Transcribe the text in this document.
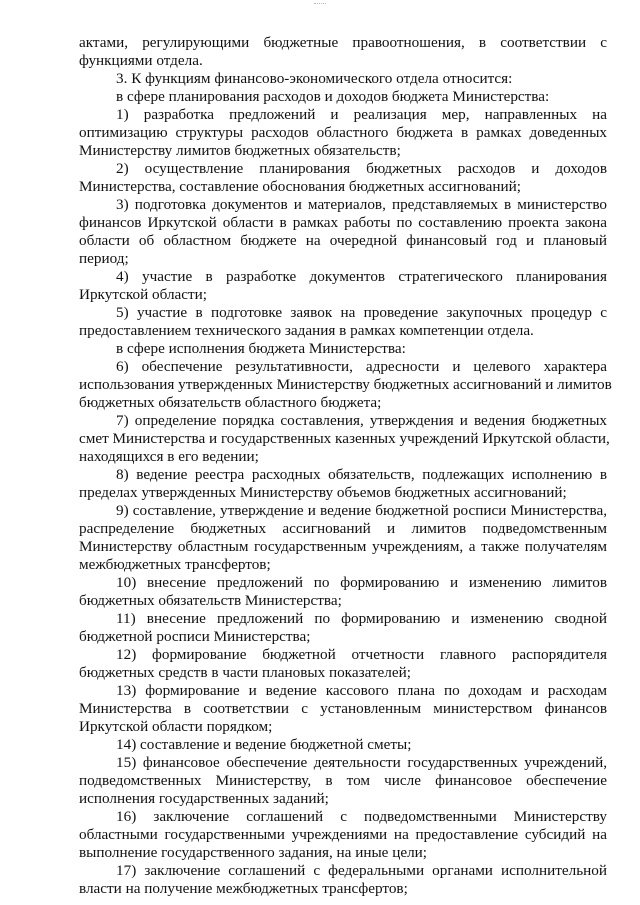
актами, регулирующими бюджетные правоотношения, в соответствии с
функциями отдела.
3. К функциям финансово-экономического отдела относится:
в сфере планирования расходов и доходов бюджета Министерства:
1) разработка предложений и реализация мер, направленных на
оптимизацию структуры расходов областного бюджета в рамках доведенных
Министерству лимитов бюджетных обязательств;
2) осуществление планирования бюджетных расходов и доходов
Министерства, составление обоснования бюджетных ассигнований;
3) подготовка документов и материалов, представляемых в министерство
финансов Иркутской области в рамках работы по составлению проекта закона
области об областном бюджете на очередной финансовый год и плановый
период;
4) участие в разработке документов стратегического планирования
Иркутской области;
5) участие в подготовке заявок на проведение закупочных процедур с
предоставлением технического задания в рамках компетенции отдела.
в сфере исполнения бюджета Министерства:
6) обеспечение результативности, адресности и целевого характера
использования утвержденных Министерству бюджетных ассигнований и лимитов
бюджетных обязательств областного бюджета;
7) определение порядка составления, утверждения и ведения бюджетных
смет Министерства и государственных казенных учреждений Иркутской области,
находящихся в его ведении;
8) ведение реестра расходных обязательств, подлежащих исполнению в
пределах утвержденных Министерству объемов бюджетных ассигнований;
9) составление, утверждение и ведение бюджетной росписи Министерства,
распределение бюджетных ассигнований и лимитов подведомственным
Министерству областным государственным учреждениям, а также получателям
межбюджетных трансфертов;
10) внесение предложений по формированию и изменению лимитов
бюджетных обязательств Министерства;
11) внесение предложений по формированию и изменению сводной
бюджетной росписи Министерства;
12) формирование бюджетной отчетности главного распорядителя
бюджетных средств в части плановых показателей;
13) формирование и ведение кассового плана по доходам и расходам
Министерства в соответствии с установленным министерством финансов
Иркутской области порядком;
14) составление и ведение бюджетной сметы;
15) финансовое обеспечение деятельности государственных учреждений,
подведомственных Министерству, в том числе финансовое обеспечение
исполнения государственных заданий;
16) заключение соглашений с подведомственными Министерству
областными государственными учреждениями на предоставление субсидий на
выполнение государственного задания, на иные цели;
17) заключение соглашений с федеральными органами исполнительной
власти на получение межбюджетных трансфертов;
